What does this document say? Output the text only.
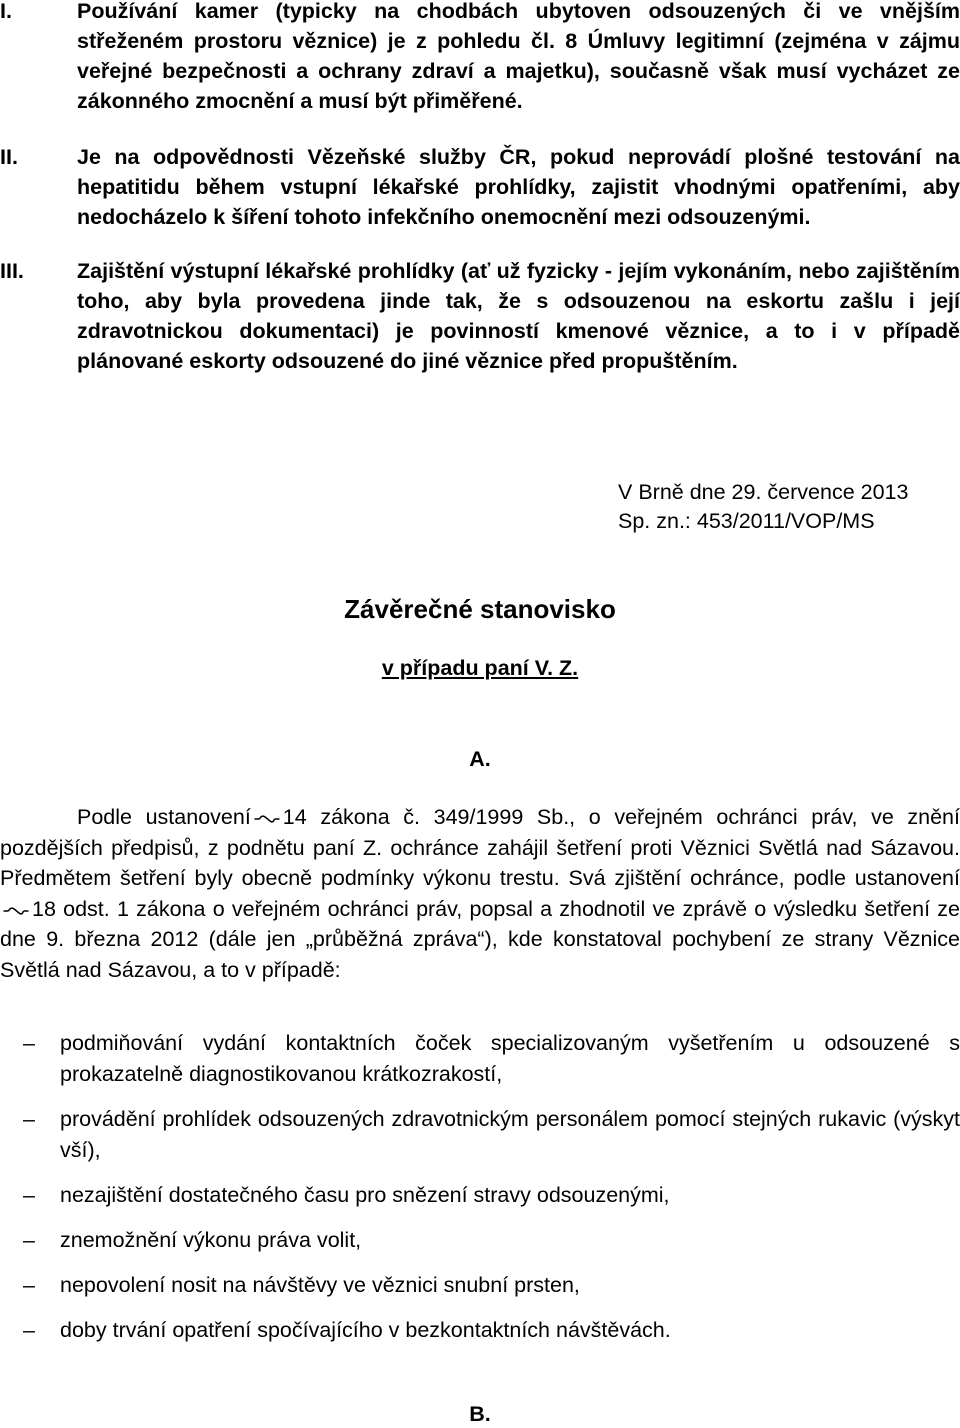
I.	Používání kamer (typicky na chodbách ubytoven odsouzených či ve vnějším střeženém prostoru věznice) je z pohledu čl. 8 Úmluvy legitimní (zejména v zájmu veřejné bezpečnosti a ochrany zdraví a majetku), současně však musí vycházet ze zákonného zmocnění a musí být přiměřené.
II.	Je na odpovědnosti Vězeňské služby ČR, pokud neprovádí plošné testování na hepatitidu během vstupní lékařské prohlídky, zajistit vhodnými opatřeními, aby nedocházelo k šíření tohoto infekčního onemocnění mezi odsouzenými.
III. Zajištění výstupní lékařské prohlídky (ať už fyzicky - jejím vykonáním, nebo zajištěním toho, aby byla provedena jinde tak, že s odsouzenou na eskortu zašlu i její zdravotnickou dokumentaci) je povinností kmenové věznice, a to i v případě plánované eskorty odsouzené do jiné věznice před propuštěním.
V Brně dne 29. července 2013
Sp. zn.: 453/2011/VOP/MS
Závěrečné stanovisko
v případu paní V. Z.
A.
Podle ustanovení 14 zákona č. 349/1999 Sb., o veřejném ochránci práv, ve znění pozdějších předpisů, z podnětu paní Z. ochránce zahájil šetření proti Věznici Světlá nad Sázavou. Předmětem šetření byly obecně podmínky výkonu trestu. Svá zjištění ochránce, podle ustanovení18 odst. 1 zákona o veřejném ochránci práv, popsal a zhodnotil ve zprávě o výsledku šetření ze dne 9. března 2012 (dále jen „průběžná zpráva“), kde konstatoval pochybení ze strany Věznice Světlá nad Sázavou, a to v případě:
– podmiňování vydání kontaktních čoček specializovaným vyšetřením u odsouzené s prokazatelně diagnostikovanou krátkozrakostí,
– provádění prohlídek odsouzených zdravotnickým personálem pomocí stejných rukavic (výskyt vší),
– nezajištění dostatečného času pro snězení stravy odsouzenými,
– znemožnění výkonu práva volit,
– nepovolení nosit na návštěvy ve věznici snubní prsten,
– doby trvání opatření spočívajícího v bezkontaktních návštěvách.
B.
